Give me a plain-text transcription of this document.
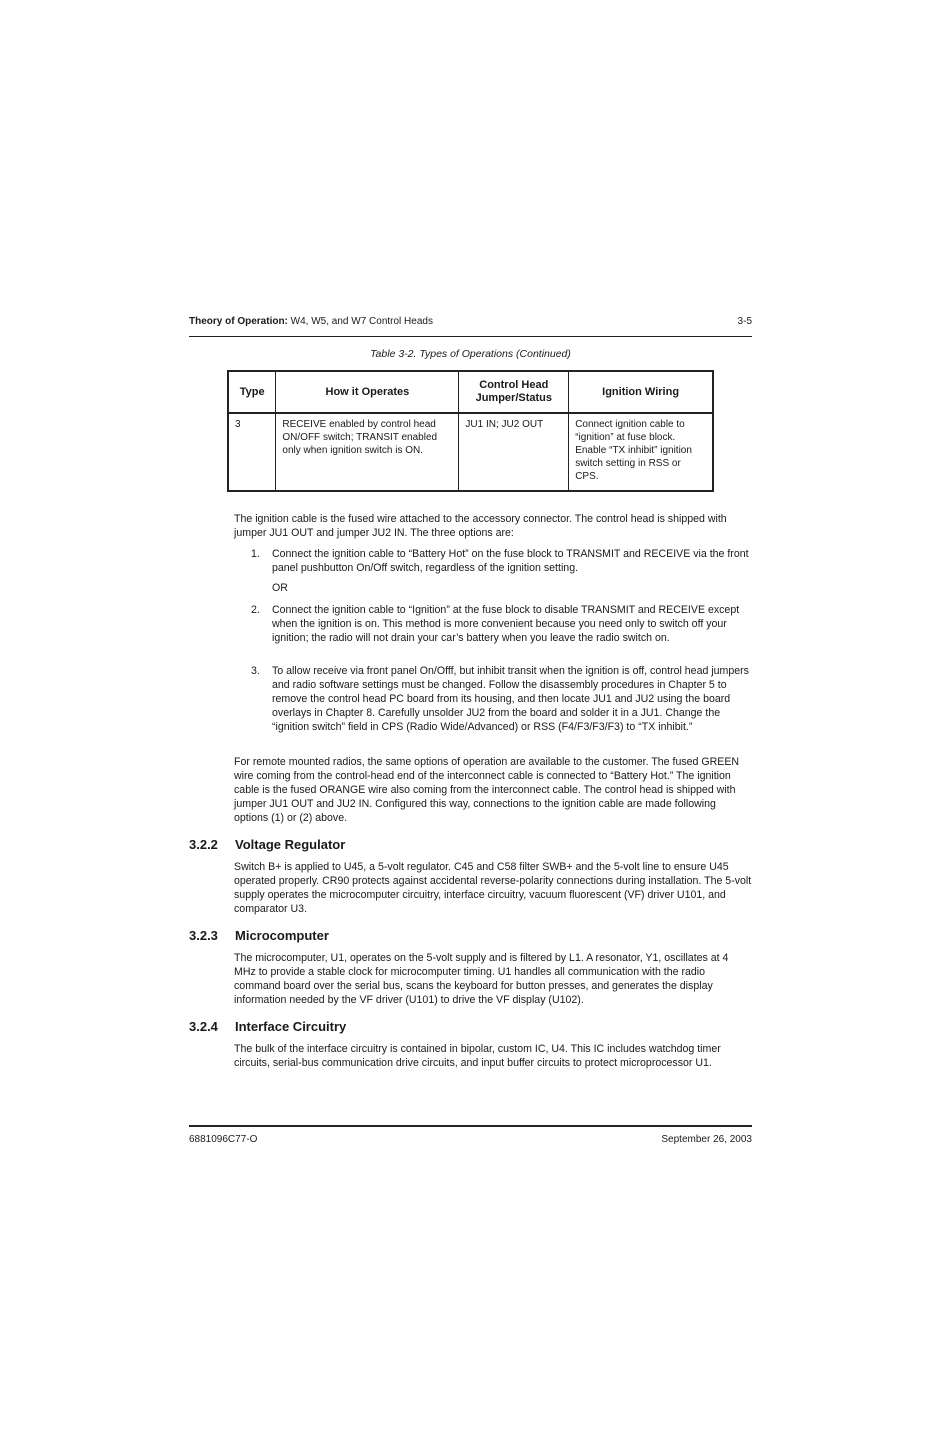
Theory of Operation: W4, W5, and W7 Control Heads	3-5
Table 3-2. Types of Operations (Continued)
Type	How it Operates	Control Head Jumper/Status	Ignition Wiring
3	RECEIVE enabled by control head ON/OFF switch; TRANSIT enabled only when ignition switch is ON.	JU1 IN; JU2 OUT	Connect ignition cable to “ignition” at fuse block. Enable “TX inhibit” ignition switch setting in RSS or CPS.

The ignition cable is the fused wire attached to the accessory connector. The control head is shipped with jumper JU1 OUT and jumper JU2 IN. The three options are:

1. Connect the ignition cable to “Battery Hot” on the fuse block to TRANSMIT and RECEIVE via the front panel pushbutton On/Off switch, regardless of the ignition setting.
OR
2. Connect the ignition cable to “Ignition” at the fuse block to disable TRANSMIT and RECEIVE except when the ignition is on. This method is more convenient because you need only to switch off your ignition; the radio will not drain your car’s battery when you leave the radio switch on.
3. To allow receive via front panel On/Offf, but inhibit transit when the ignition is off, control head jumpers and radio software settings must be changed. Follow the disassembly procedures in Chapter 5 to remove the control head PC board from its housing, and then locate JU1 and JU2 using the board overlays in Chapter 8. Carefully unsolder JU2 from the board and solder it in a JU1. Change the “ignition switch” field in CPS (Radio Wide/Advanced) or RSS (F4/F3/F3/F3) to “TX inhibit.”

For remote mounted radios, the same options of operation are available to the customer. The fused GREEN wire coming from the control-head end of the interconnect cable is connected to “Battery Hot.” The ignition cable is the fused ORANGE wire also coming from the interconnect cable. The control head is shipped with jumper JU1 OUT and JU2 IN. Configured this way, connections to the ignition cable are made following options (1) or (2) above.

3.2.2 Voltage Regulator

Switch B+ is applied to U45, a 5-volt regulator. C45 and C58 filter SWB+ and the 5-volt line to ensure U45 operated properly. CR90 protects against accidental reverse-polarity connections during installation. The 5-volt supply operates the microcomputer circuitry, interface circuitry, vacuum fluorescent (VF) driver U101, and comparator U3.

3.2.3 Microcomputer

The microcomputer, U1, operates on the 5-volt supply and is filtered by L1. A resonator, Y1, oscillates at 4 MHz to provide a stable clock for microcomputer timing. U1 handles all communication with the radio command board over the serial bus, scans the keyboard for button presses, and generates the display information needed by the VF driver (U101) to drive the VF display (U102).

3.2.4 Interface Circuitry

The bulk of the interface circuitry is contained in bipolar, custom IC, U4. This IC includes watchdog timer circuits, serial-bus communication drive circuits, and input buffer circuits to protect microprocessor U1.

6881096C77-O	September 26, 2003
